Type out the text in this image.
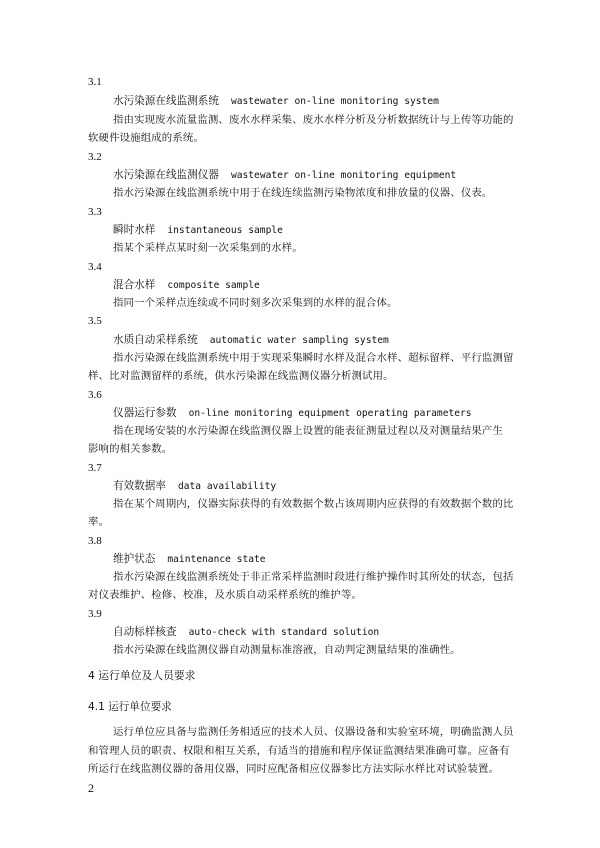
3.1
水污染源在线监测系统 wastewater on-line monitoring system
指由实现废水流量监测、废水水样采集、废水水样分析及分析数据统计与上传等功能的
软硬件设施组成的系统。
3.2
水污染源在线监测仪器 wastewater on-line monitoring equipment
指水污染源在线监测系统中用于在线连续监测污染物浓度和排放量的仪器、仪表。
3.3
瞬时水样 instantaneous sample
指某个采样点某时刻一次采集到的水样。
3.4
混合水样 composite sample
指同一个采样点连续或不同时刻多次采集到的水样的混合体。
3.5
水质自动采样系统 automatic water sampling system
指水污染源在线监测系统中用于实现采集瞬时水样及混合水样、超标留样、平行监测留
样、比对监测留样的系统，供水污染源在线监测仪器分析测试用。
3.6
仪器运行参数 on-line monitoring equipment operating parameters
指在现场安装的水污染源在线监测仪器上设置的能表征测量过程以及对测量结果产生
影响的相关参数。
3.7
有效数据率 data availability
指在某个周期内，仪器实际获得的有效数据个数占该周期内应获得的有效数据个数的比
率。
3.8
维护状态 maintenance state
指水污染源在线监测系统处于非正常采样监测时段进行维护操作时其所处的状态，包括
对仪表维护、检修、校准，及水质自动采样系统的维护等。
3.9
自动标样核查 auto-check with standard solution
指水污染源在线监测仪器自动测量标准溶液，自动判定测量结果的准确性。
4 运行单位及人员要求
4.1 运行单位要求
运行单位应具备与监测任务相适应的技术人员、仪器设备和实验室环境，明确监测人员
和管理人员的职责、权限和相互关系，有适当的措施和程序保证监测结果准确可靠。应备有
所运行在线监测仪器的备用仪器，同时应配备相应仪器参比方法实际水样比对试验装置。
2
